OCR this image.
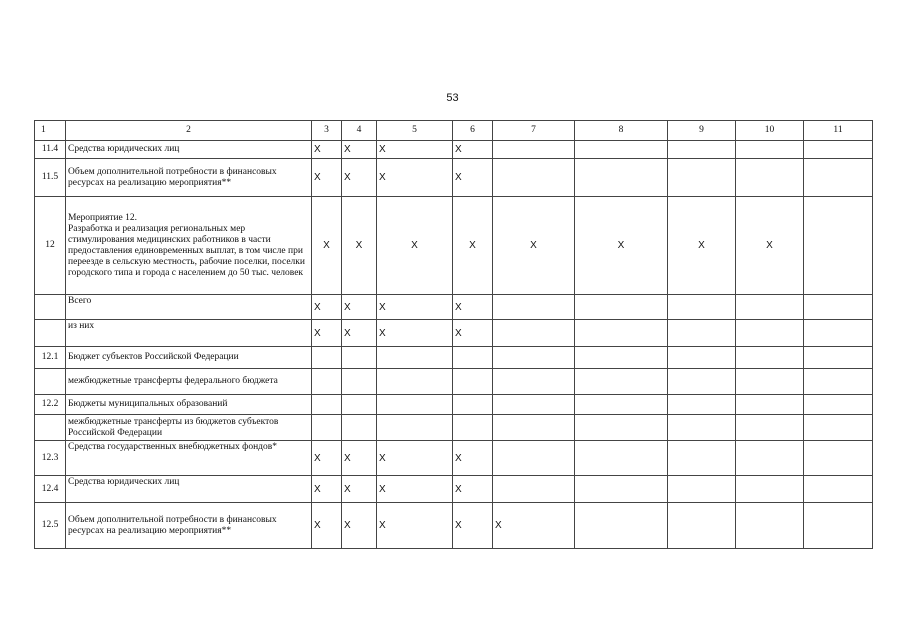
53
1	2	3	4	5	6	7	8	9	10	11
11.4	Средства юридических лиц	X	X	X	X					
11.5	Объем дополнительной потребности в финансовых ресурсах на реализацию мероприятия**	X	X	X	X					
12	Мероприятие 12.
Разработка и реализация региональных мер стимулирования медицинских работников в части предоставления единовременных выплат, в том числе при переезде в сельскую местность, рабочие поселки, поселки городского типа и города с населением до 50 тыс. человек	X	X	X	X	X	X	X	X	
	Всего	X	X	X	X					
	из них	X	X	X	X					
12.1	Бюджет субъектов Российской Федерации									
	межбюджетные трансферты федерального бюджета									
12.2	Бюджеты муниципальных образований									
	межбюджетные трансферты из бюджетов субъектов Российской Федерации									
12.3	Средства государственных внебюджетных фондов*	X	X	X	X					
12.4	Средства юридических лиц	X	X	X	X					
12.5	Объем дополнительной потребности в финансовых ресурсах на реализацию мероприятия**	X	X	X	X	X				
